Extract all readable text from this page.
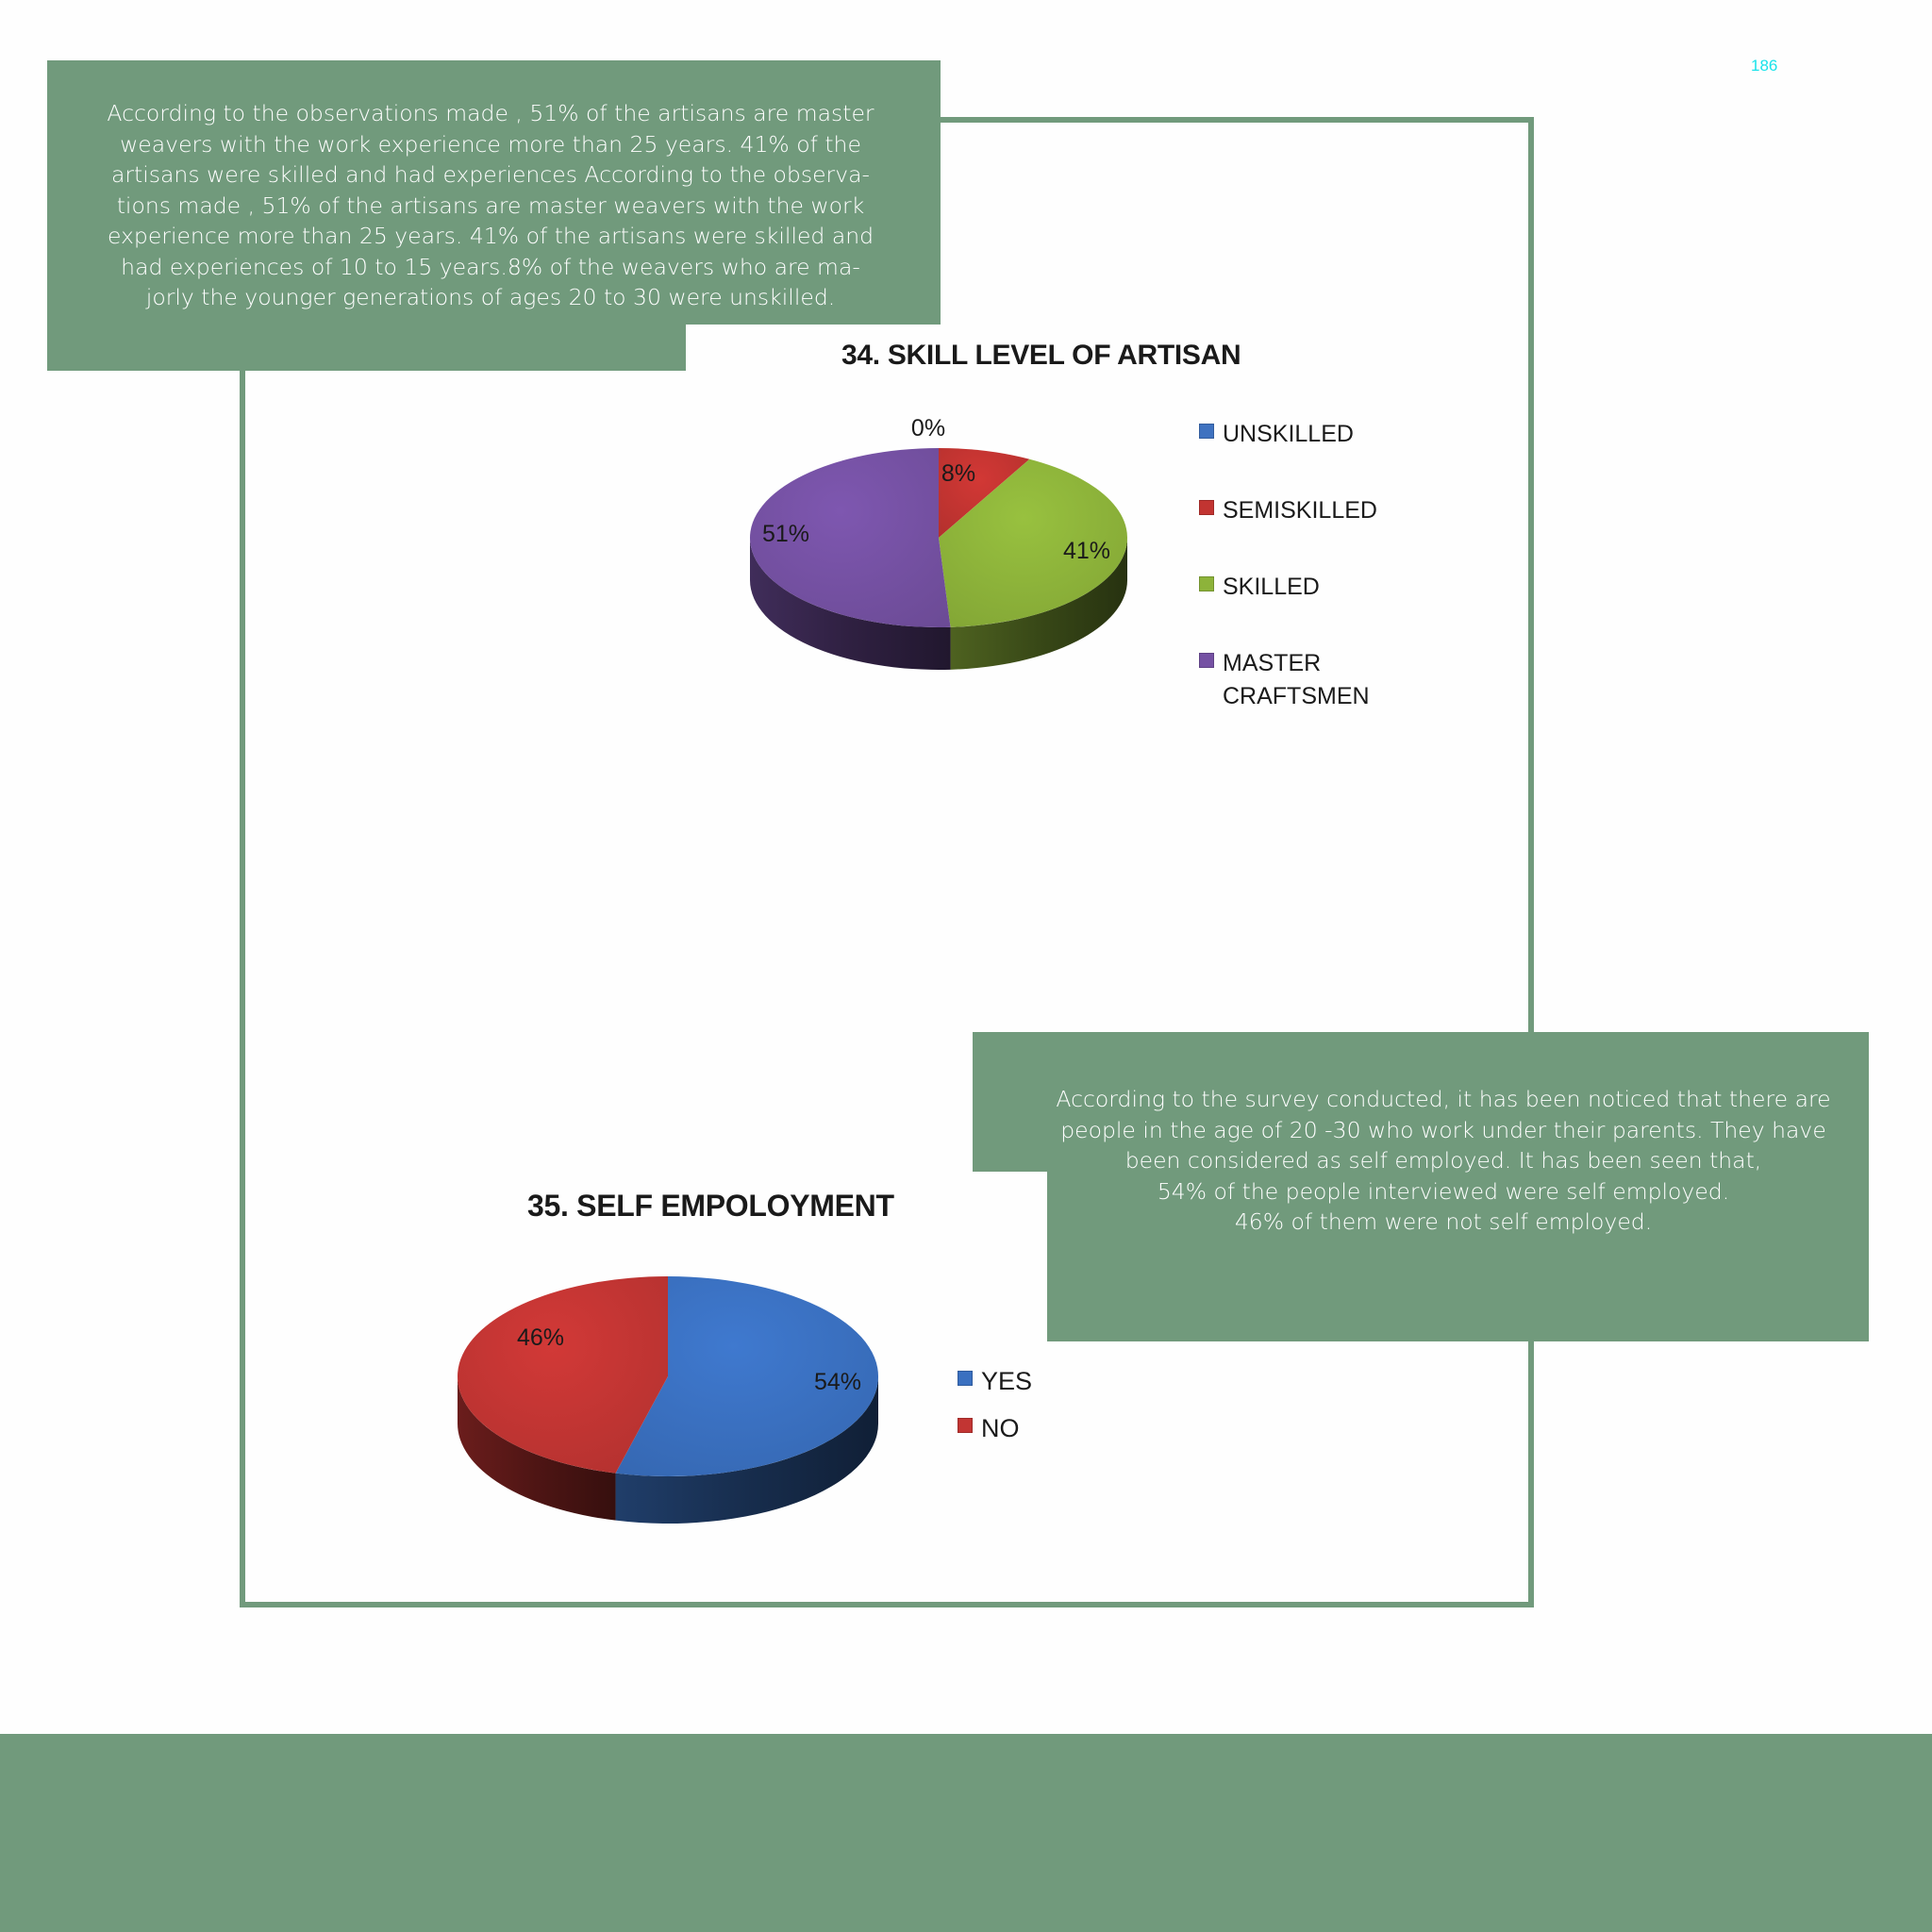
186
According to the observations made , 51% of the artisans are master
weavers with the work experience more than 25 years. 41% of the
artisans were skilled and had experiences According to the observa-
tions made , 51% of the artisans are master weavers with the work
experience more than 25 years. 41% of the artisans were skilled and
had experiences of 10 to 15 years.8% of the weavers who are ma-
jorly the younger generations of ages 20 to 30 were unskilled.
According to the survey conducted, it has been noticed that there are
people in the age of 20 -30 who work under their parents. They have
been considered as self employed. It has been seen that,
54% of the people interviewed were self employed.
46% of them were not self employed.
34. SKILL LEVEL OF ARTISAN
0%
8%
41%
51%
UNSKILLED
SEMISKILLED
SKILLED
MASTER
CRAFTSMEN
35. SELF EMPOLOYMENT
54%
46%
YES
NO
